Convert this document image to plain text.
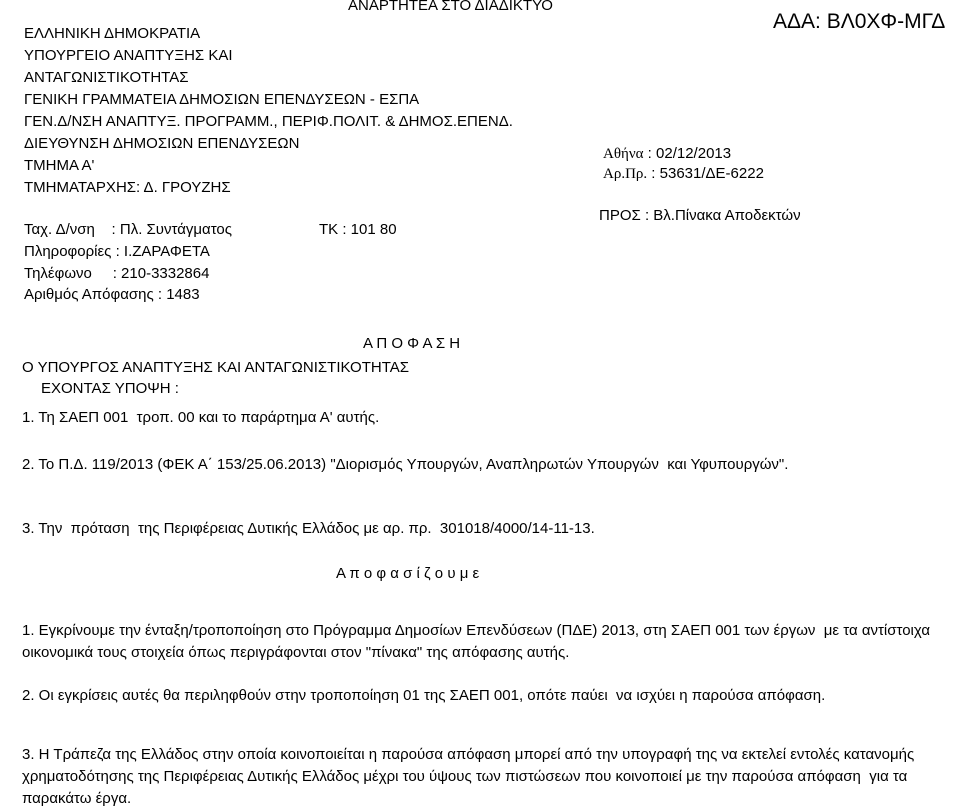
ΑΝΑΡΤΗΤΕΑ ΣΤΟ ΔΙΑΔΙΚΤΥΟ
ΑΔΑ: ΒΛ0ΧΦ-ΜΓΔ
ΕΛΛΗΝΙΚΗ ΔΗΜΟΚΡΑΤΙΑ
ΥΠΟΥΡΓΕΙΟ ΑΝΑΠΤΥΞΗΣ ΚΑΙ
ΑΝΤΑΓΩΝΙΣΤΙΚΟΤΗΤΑΣ
ΓΕΝΙΚΗ ΓΡΑΜΜΑΤΕΙΑ ΔΗΜΟΣΙΩΝ ΕΠΕΝΔΥΣΕΩΝ - ΕΣΠΑ
ΓΕΝ.Δ/ΝΣΗ ΑΝΑΠΤΥΞ. ΠΡΟΓΡΑΜΜ., ΠΕΡΙΦ.ΠΟΛΙΤ. & ΔΗΜΟΣ.ΕΠΕΝΔ.
ΔΙΕΥΘΥΝΣΗ ΔΗΜΟΣΙΩΝ ΕΠΕΝΔΥΣΕΩΝ
ΤΜΗΜΑ Α'
ΤΜΗΜΑΤΑΡΧΗΣ: Δ. ΓΡΟΥΖΗΣ
Ταχ. Δ/νση    : Πλ. Συντάγματος	ΤΚ : 101 80
Πληροφορίες : Ι.ΖΑΡΑΦΕΤΑ
Τηλέφωνο     : 210-3332864
Αριθμός Απόφασης : 1483
Αθήνα : 02/12/2013
Αρ.Πρ. : 53631/ΔΕ-6222
ΠΡΟΣ : Βλ.Πίνακα Αποδεκτών
Α Π Ο Φ Α Σ Η
Ο ΥΠΟΥΡΓΟΣ ΑΝΑΠΤΥΞΗΣ ΚΑΙ ΑΝΤΑΓΩΝΙΣΤΙΚΟΤΗΤΑΣ
ΕΧΟΝΤΑΣ ΥΠΟΨΗ :
1. Τη ΣΑΕΠ 001  τροπ. 00 και το παράρτημα Α' αυτής.
2. Το Π.Δ. 119/2013 (ΦΕΚ Α΄ 153/25.06.2013) "Διορισμός Υπουργών, Αναπληρωτών Υπουργών  και Υφυπουργών".
3. Την  πρόταση  της Περιφέρειας Δυτικής Ελλάδος με αρ. πρ.  301018/4000/14-11-13.
Α π ο φ α σ ί ζ ο υ μ ε
1. Εγκρίνουμε την ένταξη/τροποποίηση στο Πρόγραμμα Δημοσίων Επενδύσεων (ΠΔΕ) 2013, στη ΣΑΕΠ 001 των έργων  με τα αντίστοιχα οικονομικά τους στοιχεία όπως περιγράφονται στον "πίνακα" της απόφασης αυτής.
2. Οι εγκρίσεις αυτές θα περιληφθούν στην τροποποίηση 01 της ΣΑΕΠ 001, οπότε παύει  να ισχύει η παρούσα απόφαση.
3. Η Τράπεζα της Ελλάδος στην οποία κοινοποιείται η παρούσα απόφαση μπορεί από την υπογραφή της να εκτελεί εντολές κατανομής χρηματοδότησης της Περιφέρειας Δυτικής Ελλάδος μέχρι του ύψους των πιστώσεων που κοινοποιεί με την παρούσα απόφαση  για τα παρακάτω έργα.
